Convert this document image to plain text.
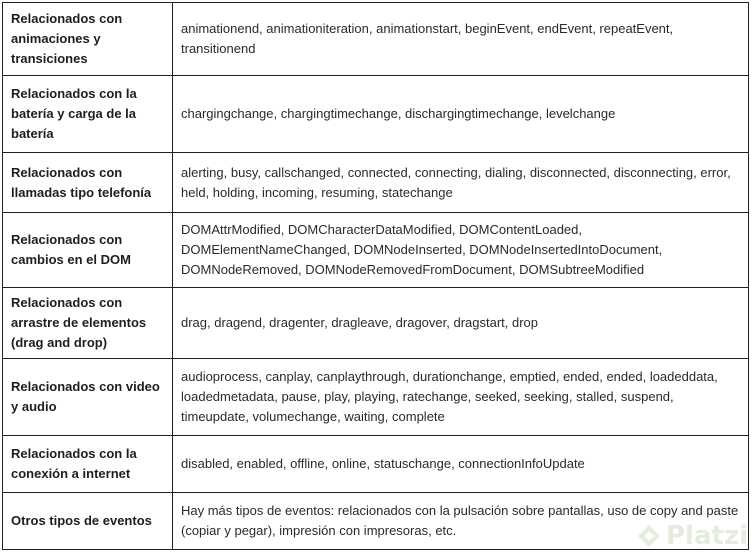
Relacionados con animaciones y transiciones	animationend, animationiteration, animationstart, beginEvent, endEvent, repeatEvent, transitionend
Relacionados con la batería y carga de la batería	chargingchange, chargingtimechange, dischargingtimechange, levelchange
Relacionados con llamadas tipo telefonía	alerting, busy, callschanged, connected, connecting, dialing, disconnected, disconnecting, error, held, holding, incoming, resuming, statechange
Relacionados con cambios en el DOM	DOMAttrModified, DOMCharacterDataModified, DOMContentLoaded, DOMElementNameChanged, DOMNodeInserted, DOMNodeInsertedIntoDocument, DOMNodeRemoved, DOMNodeRemovedFromDocument, DOMSubtreeModified
Relacionados con arrastre de elementos (drag and drop)	drag, dragend, dragenter, dragleave, dragover, dragstart, drop
Relacionados con video y audio	audioprocess, canplay, canplaythrough, durationchange, emptied, ended, ended, loadeddata, loadedmetadata, pause, play, playing, ratechange, seeked, seeking, stalled, suspend, timeupdate, volumechange, waiting, complete
Relacionados con la conexión a internet	disabled, enabled, offline, online, statuschange, connectionInfoUpdate
Otros tipos de eventos	Hay más tipos de eventos: relacionados con la pulsación sobre pantallas, uso de copy and paste (copiar y pegar), impresión con impresoras, etc.	Platzi
